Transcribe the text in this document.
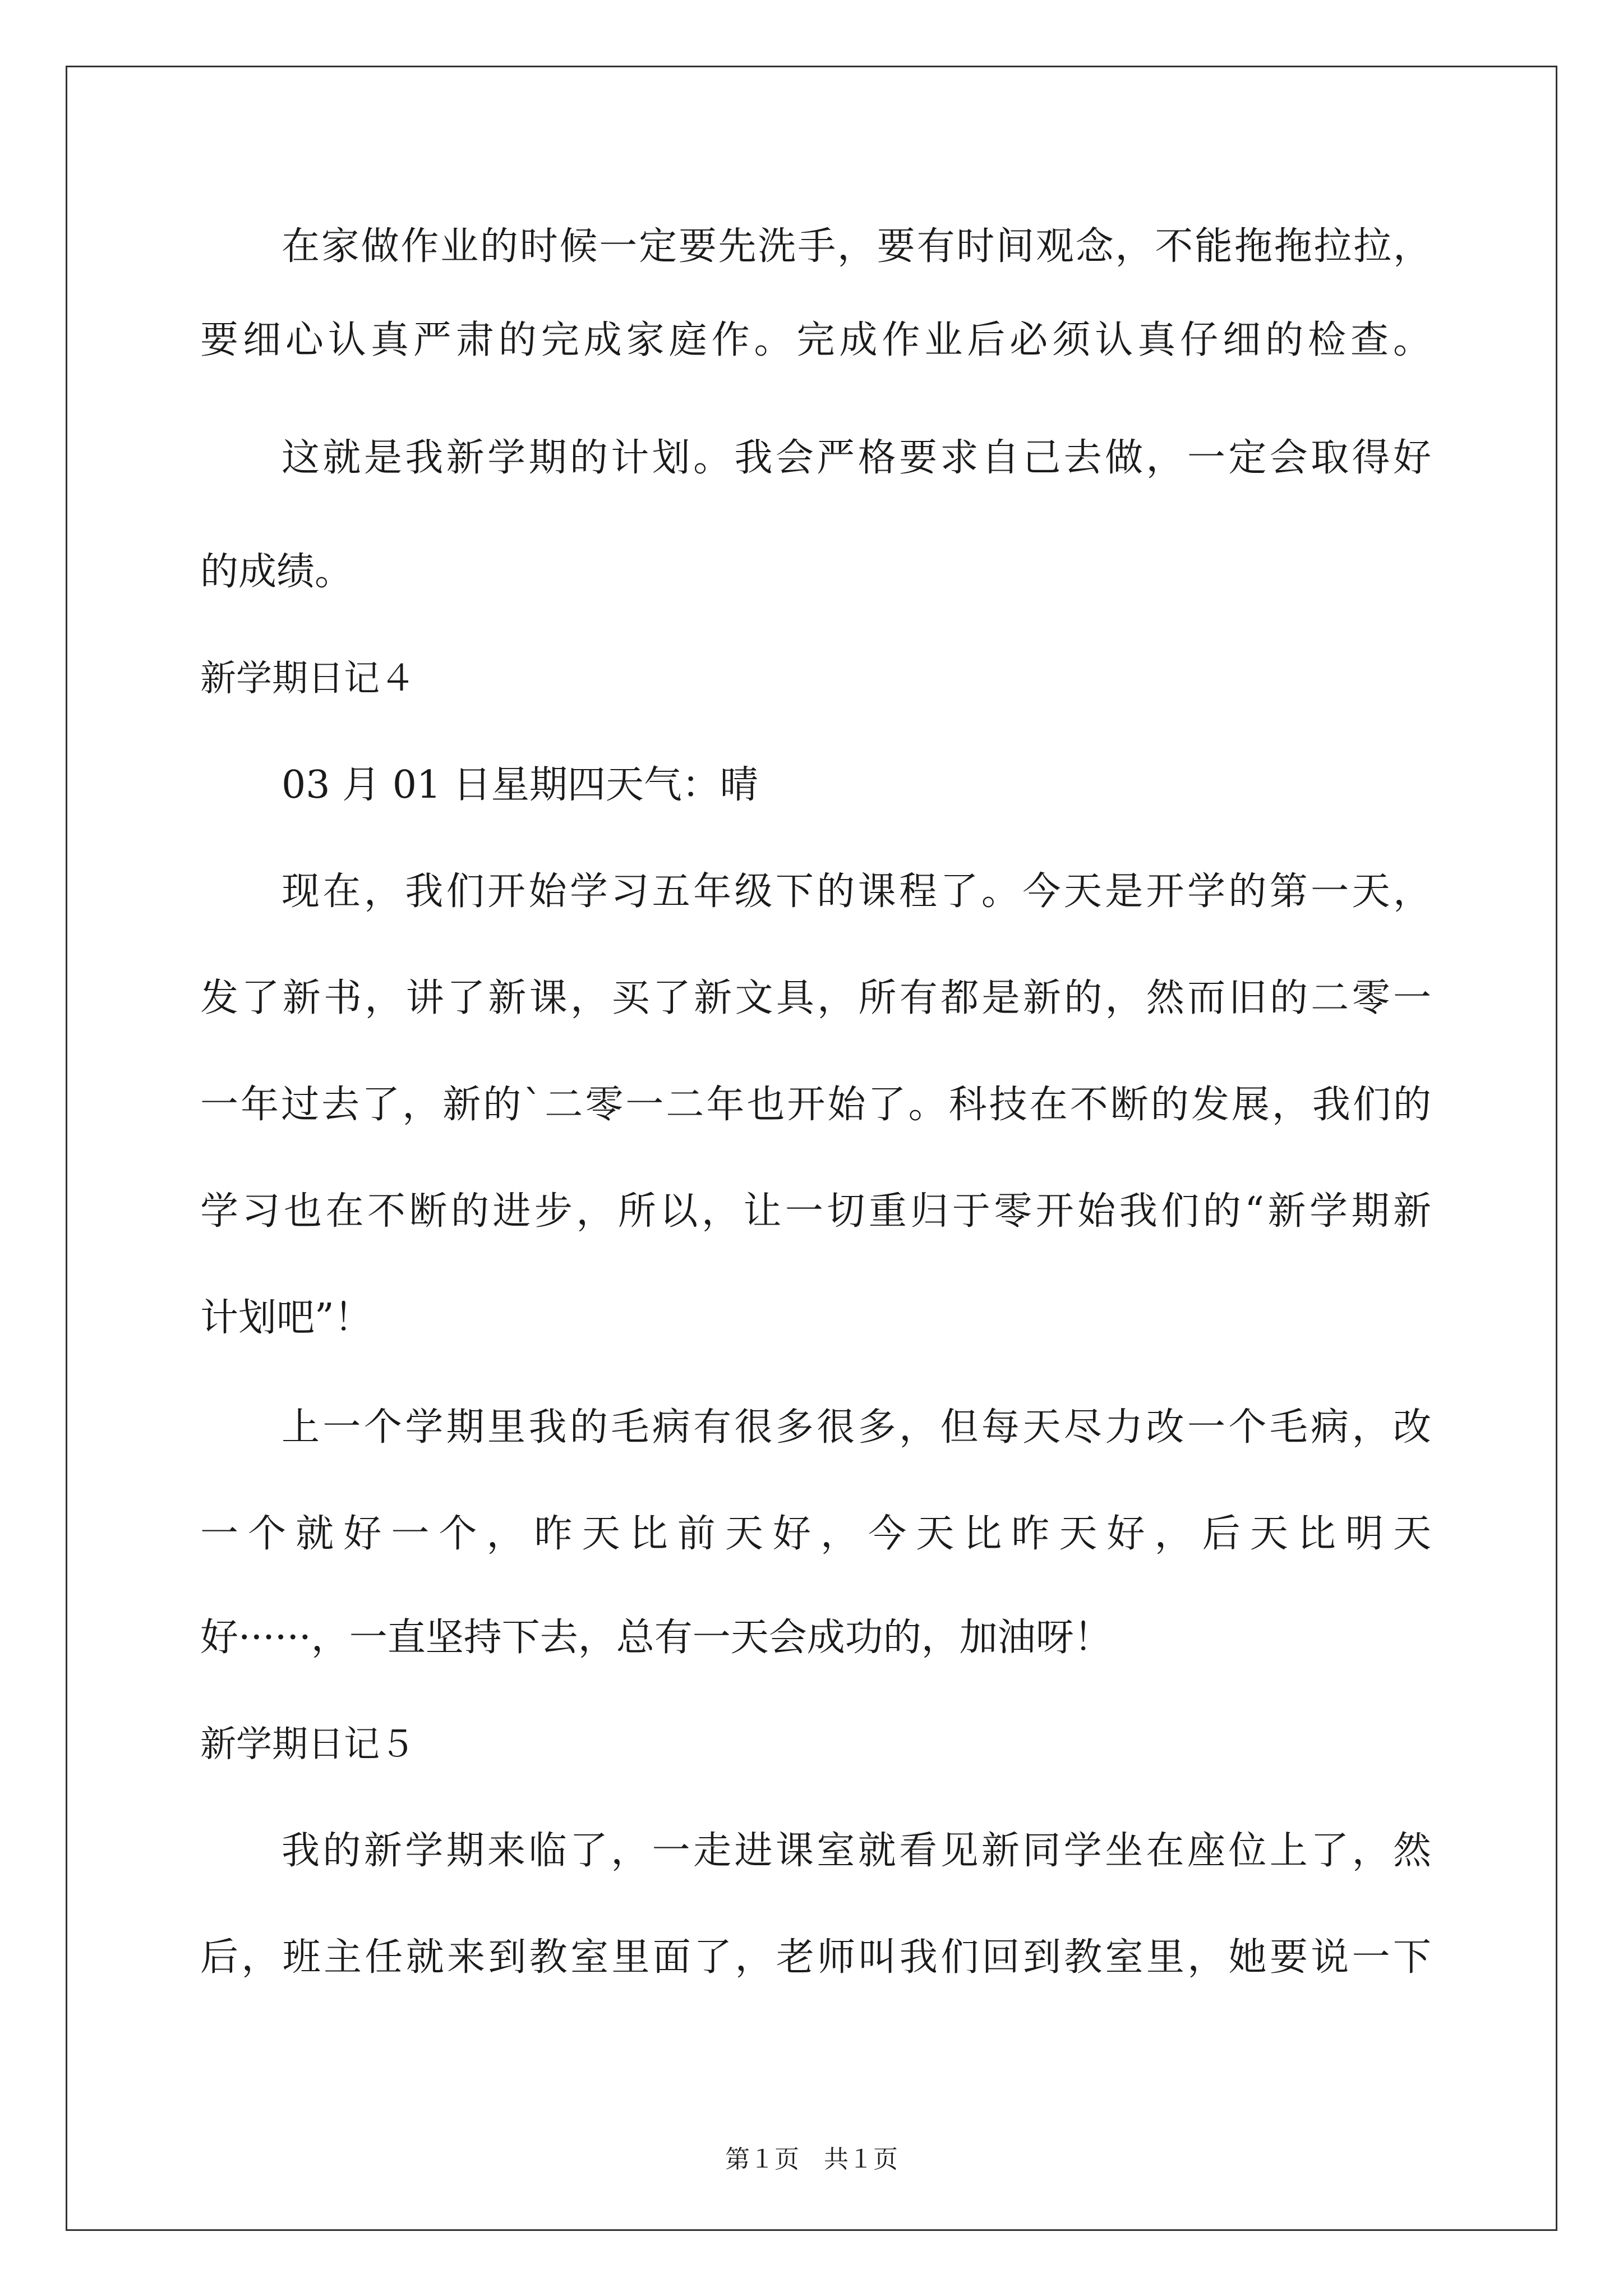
在家做作业的时候一定要先洗手，要有时间观念，不能拖拖拉拉，
要细心认真严肃的完成家庭作。完成作业后必须认真仔细的检查。
这就是我新学期的计划。我会严格要求自己去做，一定会取得好
的成绩。
新学期日记４
03 月 01 日星期四天气：晴
现在，我们开始学习五年级下的课程了。今天是开学的第一天，
发了新书，讲了新课，买了新文具，所有都是新的，然而旧的二零一
一年过去了，新的`二零一二年也开始了。科技在不断的发展，我们的
学习也在不断的进步，所以，让一切重归于零开始我们的“新学期新
计划吧”！
上一个学期里我的毛病有很多很多，但每天尽力改一个毛病，改
一个就好一个，昨天比前天好，今天比昨天好，后天比明天
好······，一直坚持下去，总有一天会成功的，加油呀！
新学期日记５
我的新学期来临了，一走进课室就看见新同学坐在座位上了，然
后，班主任就来到教室里面了，老师叫我们回到教室里，她要说一下
第１页　共１页
